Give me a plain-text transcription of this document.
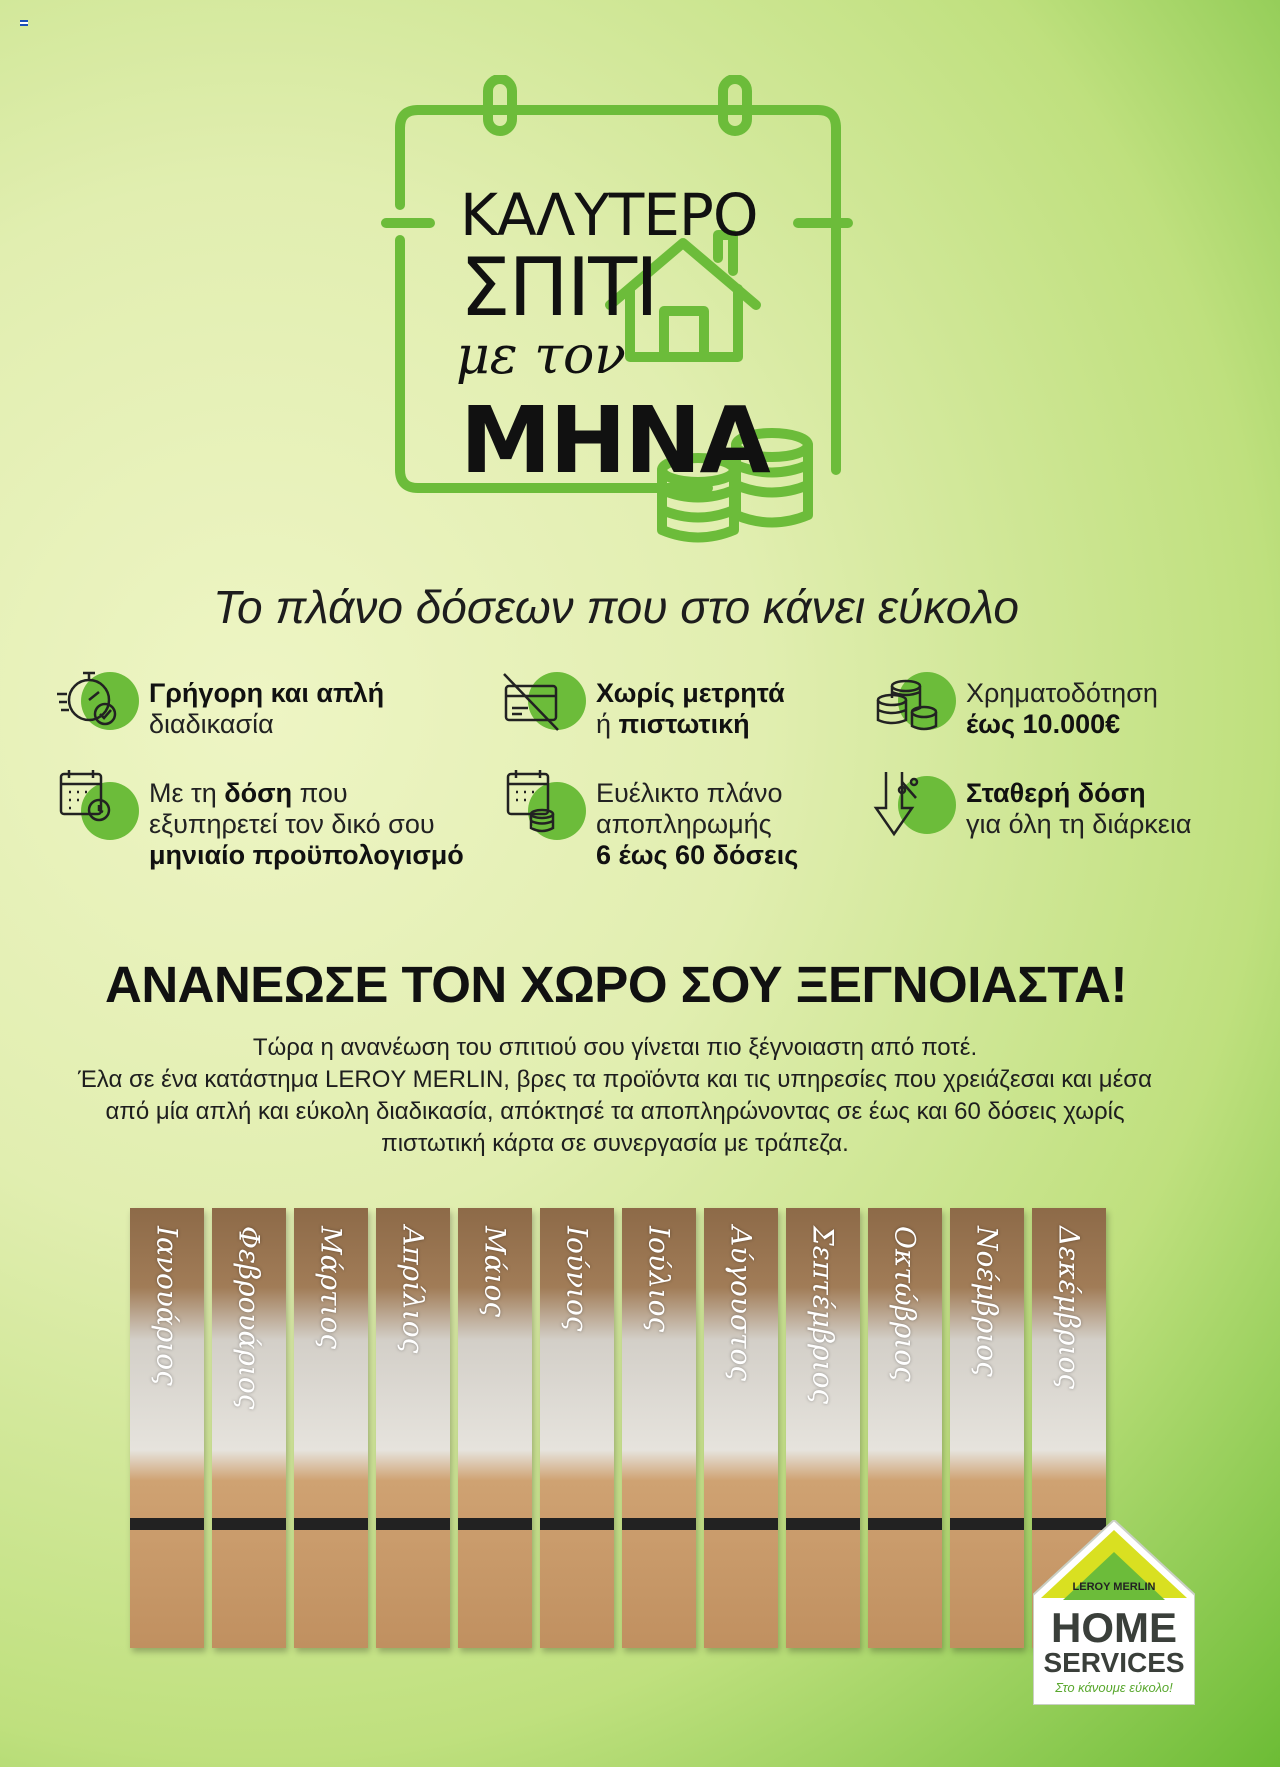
ΚΑΛΥΤΕΡΟ
ΣΠΙΤΙ
με τον
ΜΗΝΑ
Το πλάνο δόσεων που στο κάνει εύκολο
Γρήγορη και απλή
διαδικασία
Χωρίς μετρητά
ή πιστωτική
Χρηματοδότηση
έως 10.000€
Με τη δόση που
εξυπηρετεί τον δικό σου
μηνιαίο προϋπολογισμό
Ευέλικτο πλάνο
αποπληρωμής
6 έως 60 δόσεις
Σταθερή δόση
για όλη τη διάρκεια
ΑΝΑΝΕΩΣΕ ΤΟΝ ΧΩΡΟ ΣΟΥ ΞΕΓΝΟΙΑΣΤΑ!
Τώρα η ανανέωση του σπιτιού σου γίνεται πιο ξέγνοιαστη από ποτέ.
Έλα σε ένα κατάστημα LEROY MERLIN, βρες τα προϊόντα και τις υπηρεσίες που χρειάζεσαι και μέσα
από μία απλή και εύκολη διαδικασία, απόκτησέ τα αποπληρώνοντας σε έως και 60 δόσεις χωρίς
πιστωτική κάρτα σε συνεργασία με τράπεζα.
Ιανουάριος Φεβρουάριος Μάρτιος Απρίλιος Μάιος Ιούνιος Ιούλιος Αύγουστος Σεπτέμβριος Οκτώβριος Νοέμβριος Δεκέμβριος
LEROY MERLIN
HOME
SERVICES
Στο κάνουμε εύκολο!
